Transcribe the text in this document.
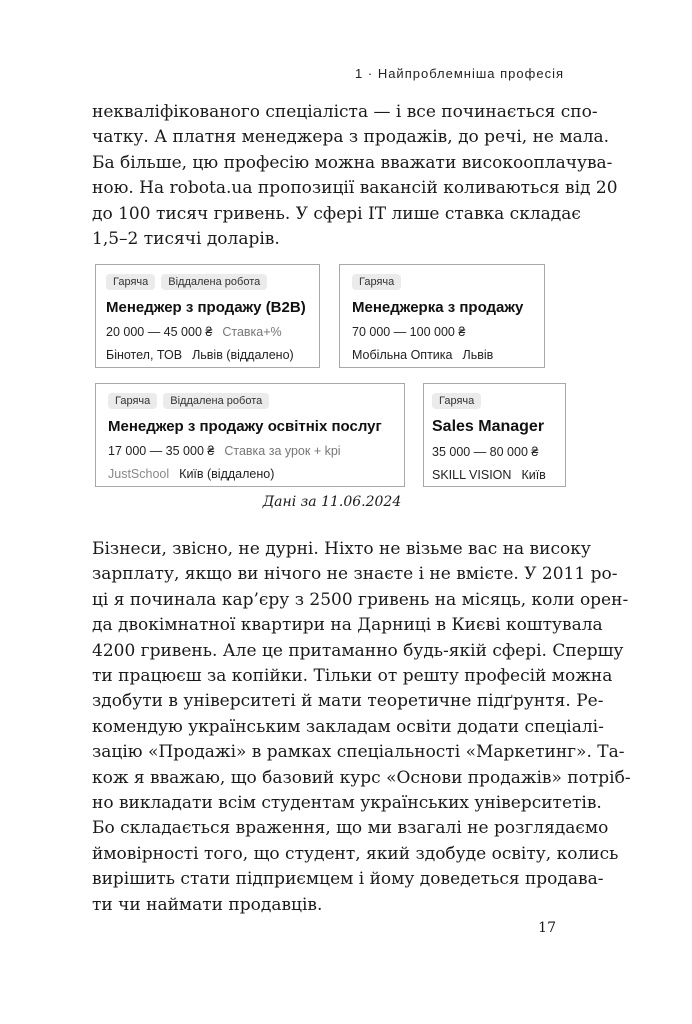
1 · Найпроблемніша професія

некваліфікованого спеціаліста — і все починається спо-
чатку. А платня менеджера з продажів, до речі, не мала.
Ба більше, цю професію можна вважати високооплачува-
ною. На robota.ua пропозиції вакансій коливаються від 20
до 100 тисяч гривень. У сфері IT лише ставка складає
1,5–2 тисячі доларів.

Гаряча	Віддалена робота
Менеджер з продажу (B2B)
20 000 — 45 000 ₴ Ставка+%
Бінотел, ТОВ Львів (віддалено)
Гаряча
Менеджерка з продажу
70 000 — 100 000 ₴
Мобільна Оптика Львів
Гаряча	Віддалена робота
Менеджер з продажу освітніх послуг
17 000 — 35 000 ₴ Ставка за урок + kpi
JustSchool Київ (віддалено)
Гаряча
Sales Manager
35 000 — 80 000 ₴
SKILL VISION Київ
Дані за 11.06.2024

Бізнеси, звісно, не дурні. Ніхто не візьме вас на високу
зарплату, якщо ви нічого не знаєте і не вмієте. У 2011 ро-
ці я починала кар’єру з 2500 гривень на місяць, коли орен-
да двокімнатної квартири на Дарниці в Києві коштувала
4200 гривень. Але це притаманно будь-якій сфері. Спершу
ти працюєш за копійки. Тільки от решту професій можна
здобути в університеті й мати теоретичне підґрунтя. Ре-
комендую українським закладам освіти додати спеціалі-
зацію «Продажі» в рамках спеціальності «Маркетинг». Та-
кож я вважаю, що базовий курс «Основи продажів» потріб-
но викладати всім студентам українських університетів.
Бо складається враження, що ми взагалі не розглядаємо
ймовірності того, що студент, який здобуде освіту, колись
вирішить стати підприємцем і йому доведеться продава-
ти чи наймати продавців.

17
